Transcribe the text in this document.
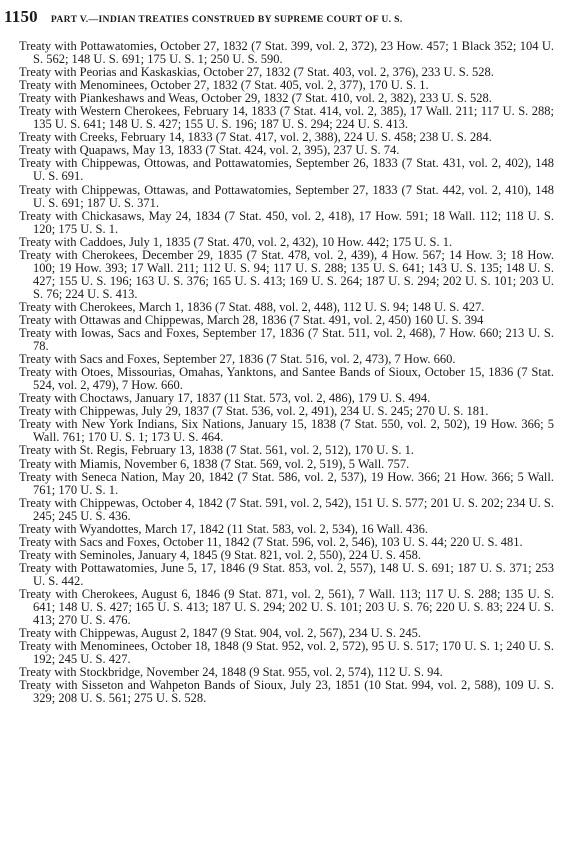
1150 PART V.—INDIAN TREATIES CONSTRUED BY SUPREME COURT OF U. S.
Treaty with Pottawatomies, October 27, 1832 (7 Stat. 399, vol. 2, 372), 23 How. 457; 1 Black 352; 104 U. S. 562; 148 U. S. 691; 175 U. S. 1; 250 U. S. 590.
Treaty with Peorias and Kaskaskias, October 27, 1832 (7 Stat. 403, vol. 2, 376), 233 U. S. 528.
Treaty with Menominees, October 27, 1832 (7 Stat. 405, vol. 2, 377), 170 U. S. 1.
Treaty with Piankeshaws and Weas, October 29, 1832 (7 Stat. 410, vol. 2, 382), 233 U. S. 528.
Treaty with Western Cherokees, February 14, 1833 (7 Stat. 414, vol. 2, 385), 17 Wall. 211; 117 U. S. 288; 135 U. S. 641; 148 U. S. 427; 155 U. S. 196; 187 U. S. 294; 224 U. S. 413.
Treaty with Creeks, February 14, 1833 (7 Stat. 417, vol. 2, 388), 224 U. S. 458; 238 U. S. 284.
Treaty with Quapaws, May 13, 1833 (7 Stat. 424, vol. 2, 395), 237 U. S. 74.
Treaty with Chippewas, Ottowas, and Pottawatomies, September 26, 1833 (7 Stat. 431, vol. 2, 402), 148 U. S. 691.
Treaty with Chippewas, Ottawas, and Pottawatomies, September 27, 1833 (7 Stat. 442, vol. 2, 410), 148 U. S. 691; 187 U. S. 371.
Treaty with Chickasaws, May 24, 1834 (7 Stat. 450, vol. 2, 418), 17 How. 591; 18 Wall. 112; 118 U. S. 120; 175 U. S. 1.
Treaty with Caddoes, July 1, 1835 (7 Stat. 470, vol. 2, 432), 10 How. 442; 175 U. S. 1.
Treaty with Cherokees, December 29, 1835 (7 Stat. 478, vol. 2, 439), 4 How. 567; 14 How. 3; 18 How. 100; 19 How. 393; 17 Wall. 211; 112 U. S. 94; 117 U. S. 288; 135 U. S. 641; 143 U. S. 135; 148 U. S. 427; 155 U. S. 196; 163 U. S. 376; 165 U. S. 413; 169 U. S. 264; 187 U. S. 294; 202 U. S. 101; 203 U. S. 76; 224 U. S. 413.
Treaty with Cherokees, March 1, 1836 (7 Stat. 488, vol. 2, 448), 112 U. S. 94; 148 U. S. 427.
Treaty with Ottawas and Chippewas, March 28, 1836 (7 Stat. 491, vol. 2, 450) 160 U. S. 394
Treaty with Iowas, Sacs and Foxes, September 17, 1836 (7 Stat. 511, vol. 2, 468), 7 How. 660; 213 U. S. 78.
Treaty with Sacs and Foxes, September 27, 1836 (7 Stat. 516, vol. 2, 473), 7 How. 660.
Treaty with Otoes, Missourias, Omahas, Yanktons, and Santee Bands of Sioux, October 15, 1836 (7 Stat. 524, vol. 2, 479), 7 How. 660.
Treaty with Choctaws, January 17, 1837 (11 Stat. 573, vol. 2, 486), 179 U. S. 494.
Treaty with Chippewas, July 29, 1837 (7 Stat. 536, vol. 2, 491), 234 U. S. 245; 270 U. S. 181.
Treaty with New York Indians, Six Nations, January 15, 1838 (7 Stat. 550, vol. 2, 502), 19 How. 366; 5 Wall. 761; 170 U. S. 1; 173 U. S. 464.
Treaty with St. Regis, February 13, 1838 (7 Stat. 561, vol. 2, 512), 170 U. S. 1.
Treaty with Miamis, November 6, 1838 (7 Stat. 569, vol. 2, 519), 5 Wall. 757.
Treaty with Seneca Nation, May 20, 1842 (7 Stat. 586, vol. 2, 537), 19 How. 366; 21 How. 366; 5 Wall. 761; 170 U. S. 1.
Treaty with Chippewas, October 4, 1842 (7 Stat. 591, vol. 2, 542), 151 U. S. 577; 201 U. S. 202; 234 U. S. 245; 245 U. S. 436.
Treaty with Wyandottes, March 17, 1842 (11 Stat. 583, vol. 2, 534), 16 Wall. 436.
Treaty with Sacs and Foxes, October 11, 1842 (7 Stat. 596, vol. 2, 546), 103 U. S. 44; 220 U. S. 481.
Treaty with Seminoles, January 4, 1845 (9 Stat. 821, vol. 2, 550), 224 U. S. 458.
Treaty with Pottawatomies, June 5, 17, 1846 (9 Stat. 853, vol. 2, 557), 148 U. S. 691; 187 U. S. 371; 253 U. S. 442.
Treaty with Cherokees, August 6, 1846 (9 Stat. 871, vol. 2, 561), 7 Wall. 113; 117 U. S. 288; 135 U. S. 641; 148 U. S. 427; 165 U. S. 413; 187 U. S. 294; 202 U. S. 101; 203 U. S. 76; 220 U. S. 83; 224 U. S. 413; 270 U. S. 476.
Treaty with Chippewas, August 2, 1847 (9 Stat. 904, vol. 2, 567), 234 U. S. 245.
Treaty with Menominees, October 18, 1848 (9 Stat. 952, vol. 2, 572), 95 U. S. 517; 170 U. S. 1; 240 U. S. 192; 245 U. S. 427.
Treaty with Stockbridge, November 24, 1848 (9 Stat. 955, vol. 2, 574), 112 U. S. 94.
Treaty with Sisseton and Wahpeton Bands of Sioux, July 23, 1851 (10 Stat. 994, vol. 2, 588), 109 U. S. 329; 208 U. S. 561; 275 U. S. 528.
